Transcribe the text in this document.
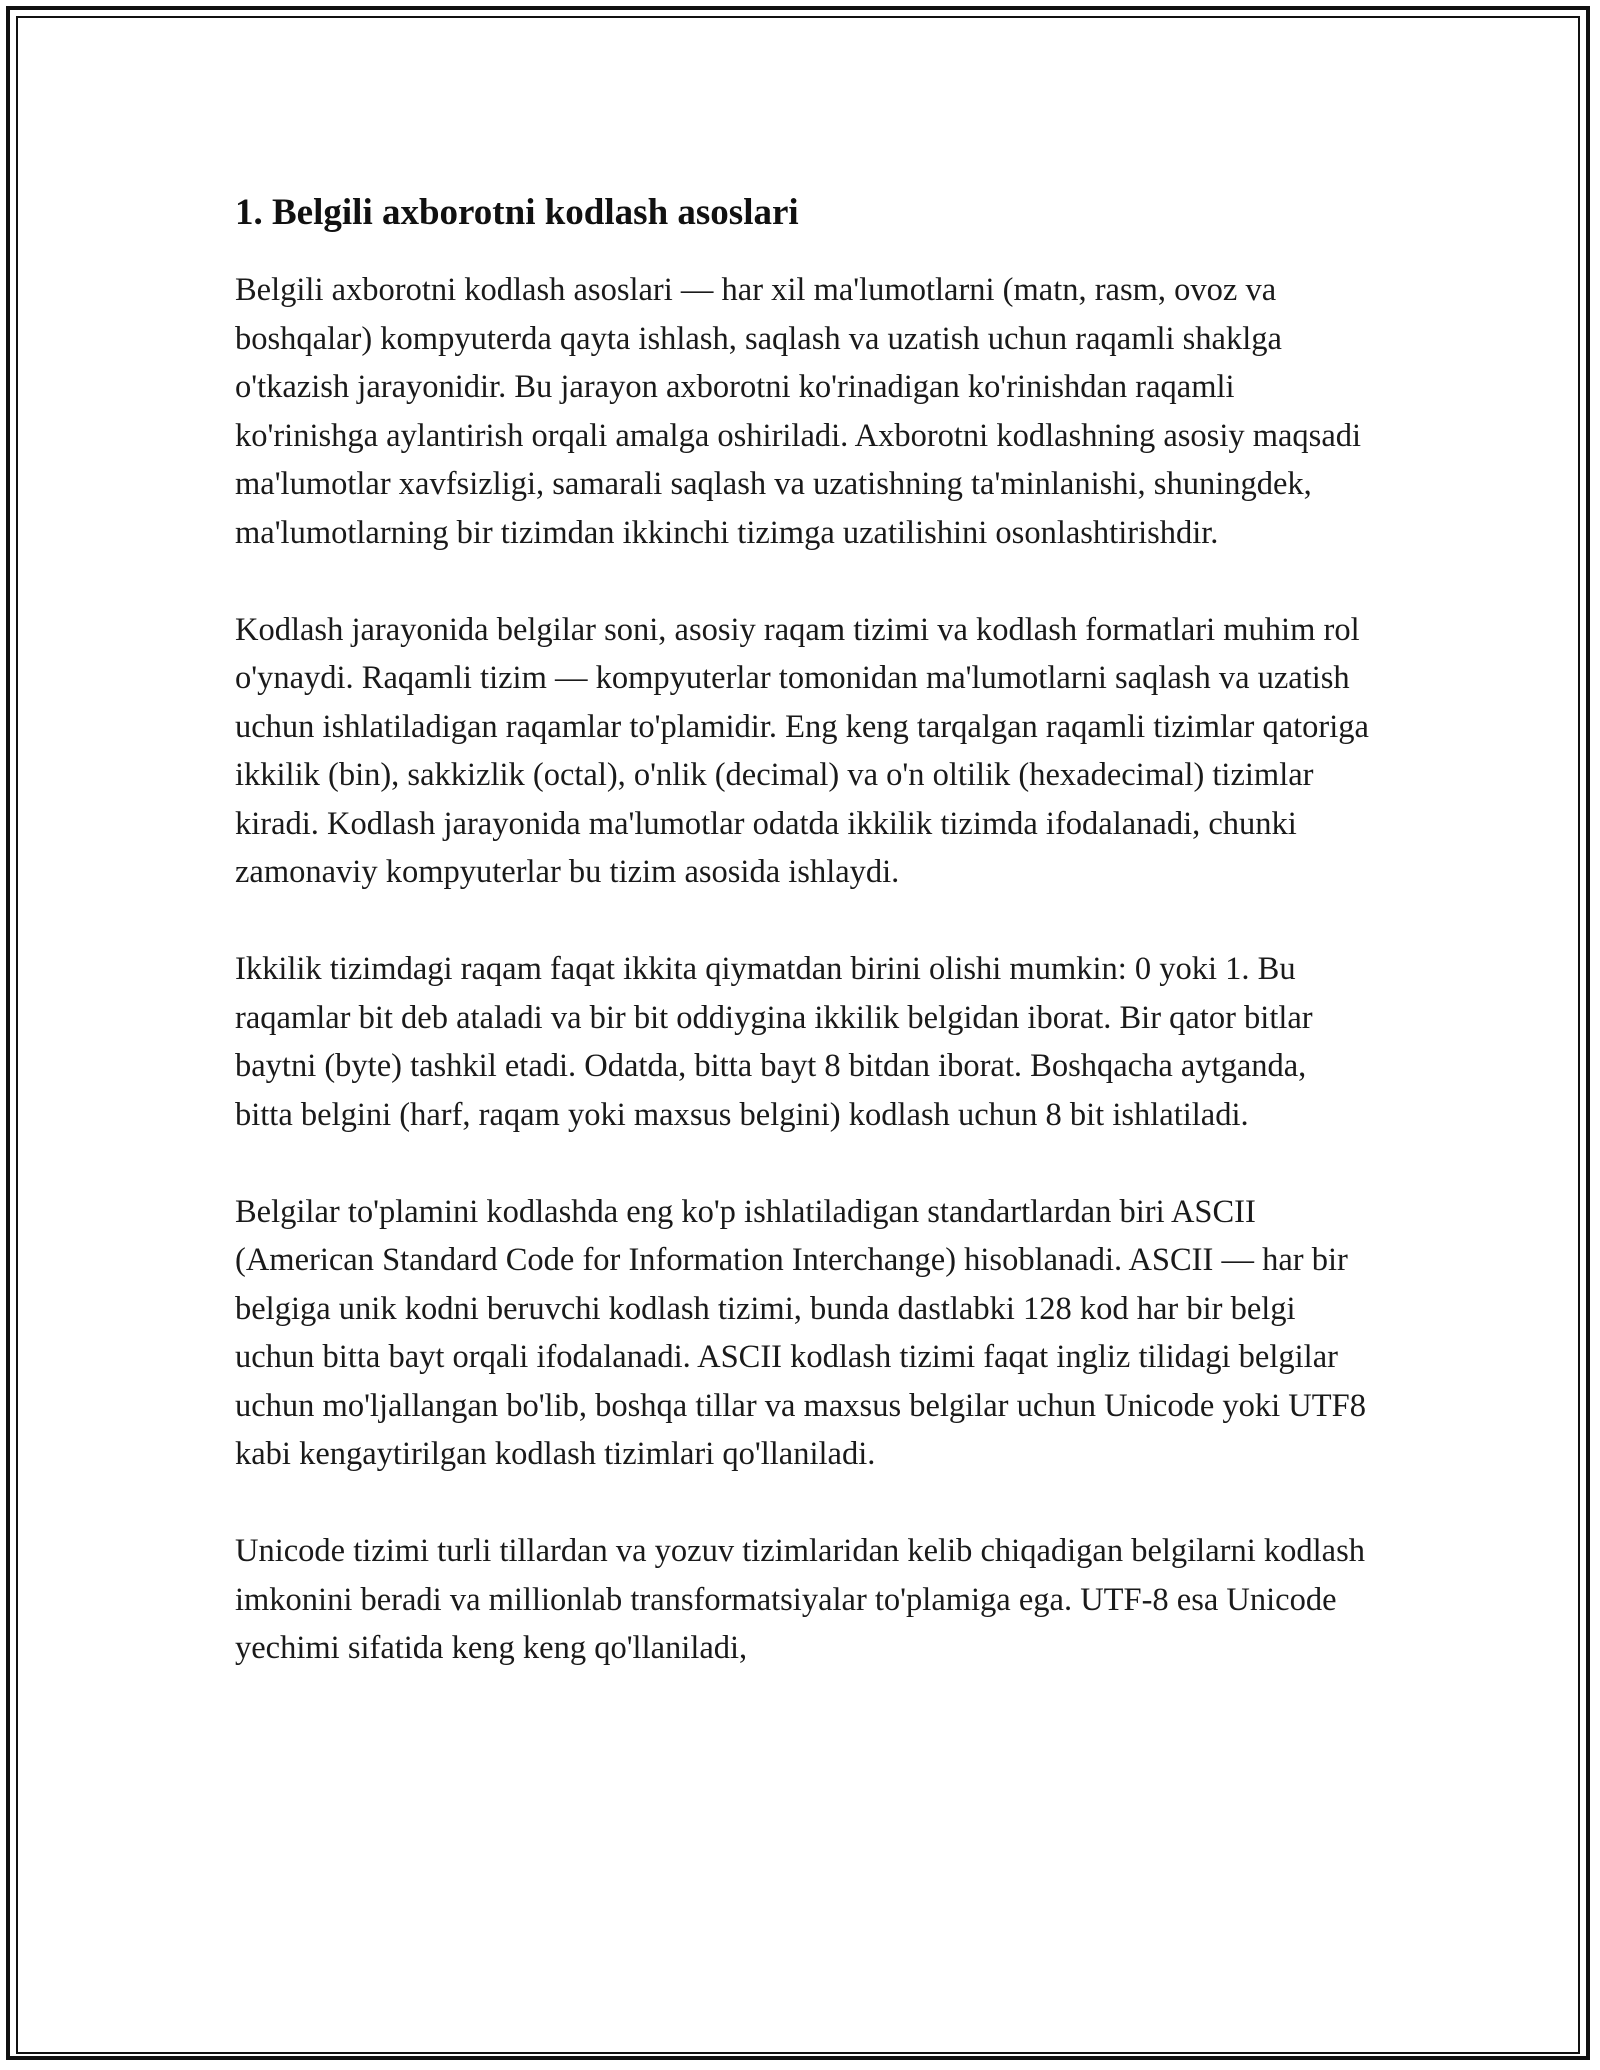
1. Belgili axborotni kodlash asoslari

Belgili axborotni kodlash asoslari — har xil ma'lumotlarni (matn, rasm, ovoz va boshqalar) kompyuterda qayta ishlash, saqlash va uzatish uchun raqamli shaklga o'tkazish jarayonidir. Bu jarayon axborotni ko'rinadigan ko'rinishdan raqamli ko'rinishga aylantirish orqali amalga oshiriladi. Axborotni kodlashning asosiy maqsadi ma'lumotlar xavfsizligi, samarali saqlash va uzatishning ta'minlanishi, shuningdek, ma'lumotlarning bir tizimdan ikkinchi tizimga uzatilishini osonlashtirishdir.

Kodlash jarayonida belgilar soni, asosiy raqam tizimi va kodlash formatlari muhim rol o'ynaydi. Raqamli tizim — kompyuterlar tomonidan ma'lumotlarni saqlash va uzatish uchun ishlatiladigan raqamlar to'plamidir. Eng keng tarqalgan raqamli tizimlar qatoriga ikkilik (bin), sakkizlik (octal), o'nlik (decimal) va o'n oltilik (hexadecimal) tizimlar kiradi. Kodlash jarayonida ma'lumotlar odatda ikkilik tizimda ifodalanadi, chunki zamonaviy kompyuterlar bu tizim asosida ishlaydi.

Ikkilik tizimdagi raqam faqat ikkita qiymatdan birini olishi mumkin: 0 yoki 1. Bu raqamlar bit deb ataladi va bir bit oddiygina ikkilik belgidan iborat. Bir qator bitlar baytni (byte) tashkil etadi. Odatda, bitta bayt 8 bitdan iborat. Boshqacha aytganda, bitta belgini (harf, raqam yoki maxsus belgini) kodlash uchun 8 bit ishlatiladi.

Belgilar to'plamini kodlashda eng ko'p ishlatiladigan standartlardan biri ASCII (American Standard Code for Information Interchange) hisoblanadi. ASCII — har bir belgiga unik kodni beruvchi kodlash tizimi, bunda dastlabki 128 kod har bir belgi uchun bitta bayt orqali ifodalanadi. ASCII kodlash tizimi faqat ingliz tilidagi belgilar uchun mo'ljallangan bo'lib, boshqa tillar va maxsus belgilar uchun Unicode yoki UTF8 kabi kengaytirilgan kodlash tizimlari qo'llaniladi.

Unicode tizimi turli tillardan va yozuv tizimlaridan kelib chiqadigan belgilarni kodlash imkonini beradi va millionlab transformatsiyalar to'plamiga ega. UTF-8 esa Unicode yechimi sifatida keng keng qo'llaniladi,
